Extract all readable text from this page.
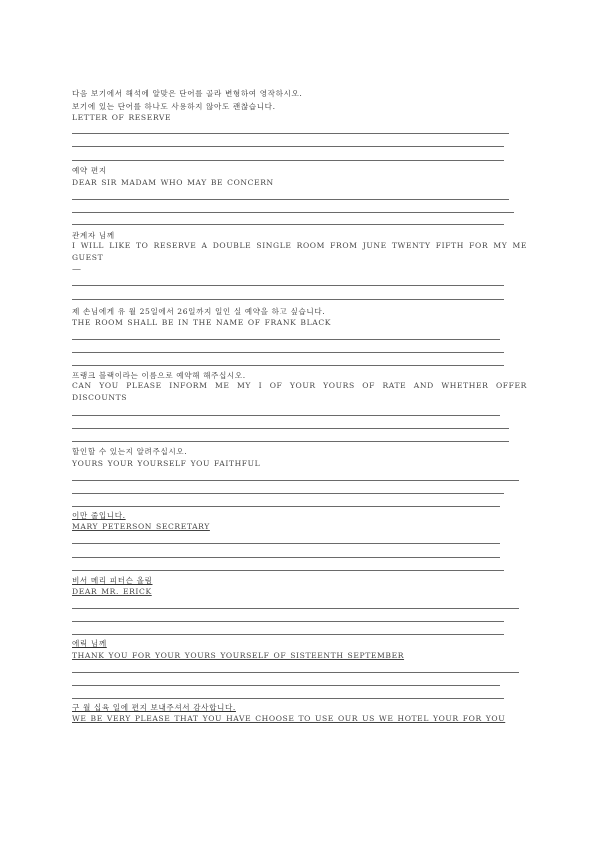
다음 보기에서 해석에 알맞은 단어를 골라 변형하여 영작하시오.
보기에 있는 단어를 하나도 사용하지 않아도 괜찮습니다.
LETTER OF RESERVE
예약 편지
DEAR SIR MADAM WHO MAY BE CONCERN
관계자 님께
I WILL LIKE TO RESERVE A DOUBLE SINGLE ROOM FROM JUNE TWENTY FIFTH FOR MY ME GUEST
—
제 손님에게 유 월 25일에서 26일까지 일인 실 예약을 하고 싶습니다.
THE ROOM SHALL BE IN THE NAME OF FRANK BLACK
프랭크 블랙이라는 이름으로 예약해 해주십시오.
CAN YOU PLEASE INFORM ME MY I OF YOUR YOURS OF RATE AND WHETHER OFFER DISCOUNTS
할인할 수 있는지 알려주십시오.
YOURS YOUR YOURSELF YOU FAITHFUL
이만 줄입니다.
MARY PETERSON SECRETARY
비서 메리 피터슨 올림
DEAR MR. ERICK
에릭 님께
THANK YOU FOR YOUR YOURS YOURSELF OF SISTEENTH SEPTEMBER
구 월 십육 일에 편지 보내주셔서 감사합니다.
WE BE VERY PLEASE THAT YOU HAVE CHOOSE TO USE OUR US WE HOTEL YOUR FOR YOU
